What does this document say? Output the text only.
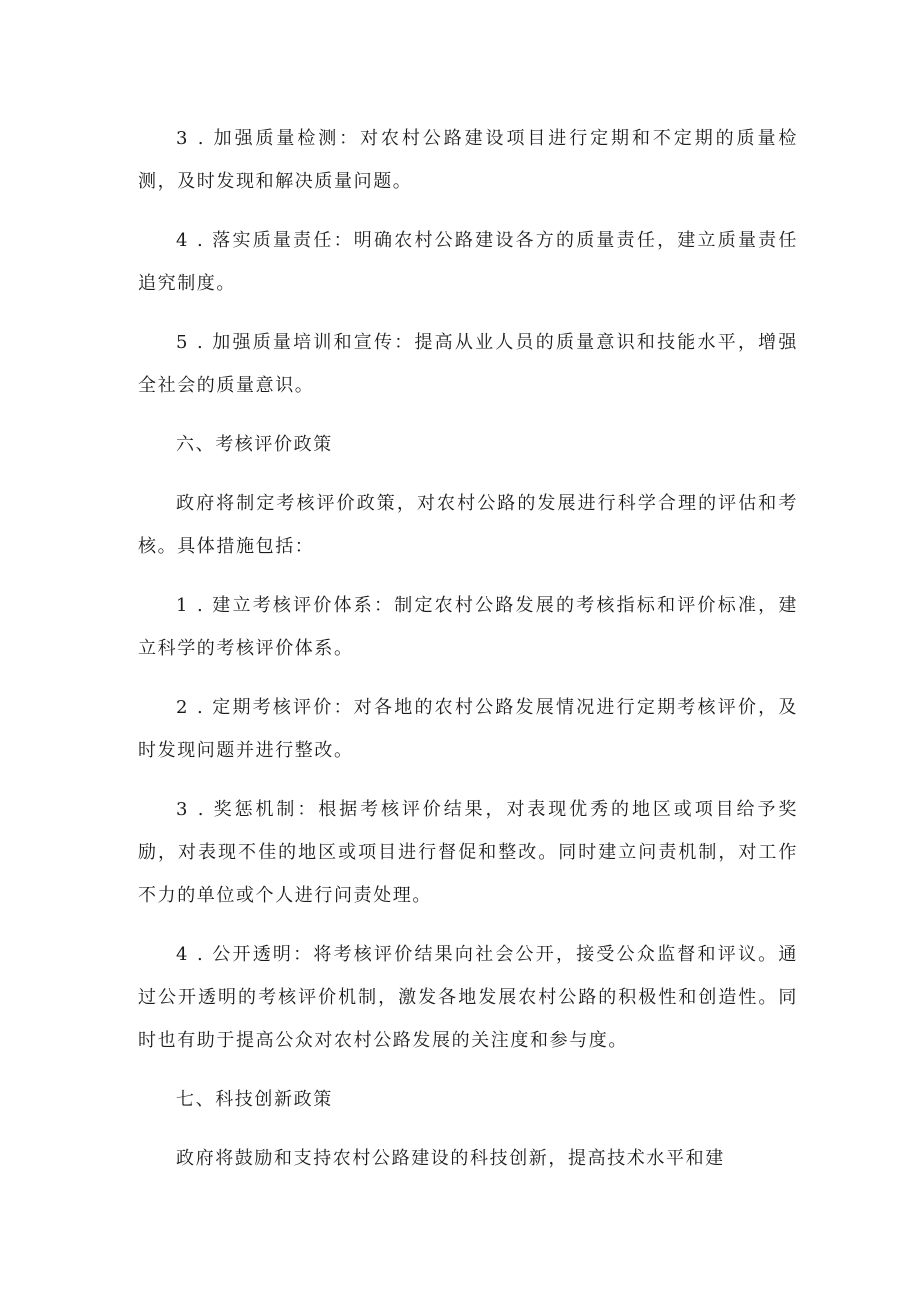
3 . 加强质量检测：对农村公路建设项目进行定期和不定期的质量检测，及时发现和解决质量问题。

4 . 落实质量责任：明确农村公路建设各方的质量责任，建立质量责任追究制度。

5 . 加强质量培训和宣传：提高从业人员的质量意识和技能水平，增强全社会的质量意识。

六、考核评价政策

政府将制定考核评价政策，对农村公路的发展进行科学合理的评估和考核。具体措施包括：

1 . 建立考核评价体系：制定农村公路发展的考核指标和评价标准，建立科学的考核评价体系。

2 . 定期考核评价：对各地的农村公路发展情况进行定期考核评价，及时发现问题并进行整改。

3 . 奖惩机制：根据考核评价结果，对表现优秀的地区或项目给予奖励，对表现不佳的地区或项目进行督促和整改。同时建立问责机制，对工作不力的单位或个人进行问责处理。

4 . 公开透明：将考核评价结果向社会公开，接受公众监督和评议。通过公开透明的考核评价机制，激发各地发展农村公路的积极性和创造性。同时也有助于提高公众对农村公路发展的关注度和参与度。

七、科技创新政策

政府将鼓励和支持农村公路建设的科技创新，提高技术水平和建
